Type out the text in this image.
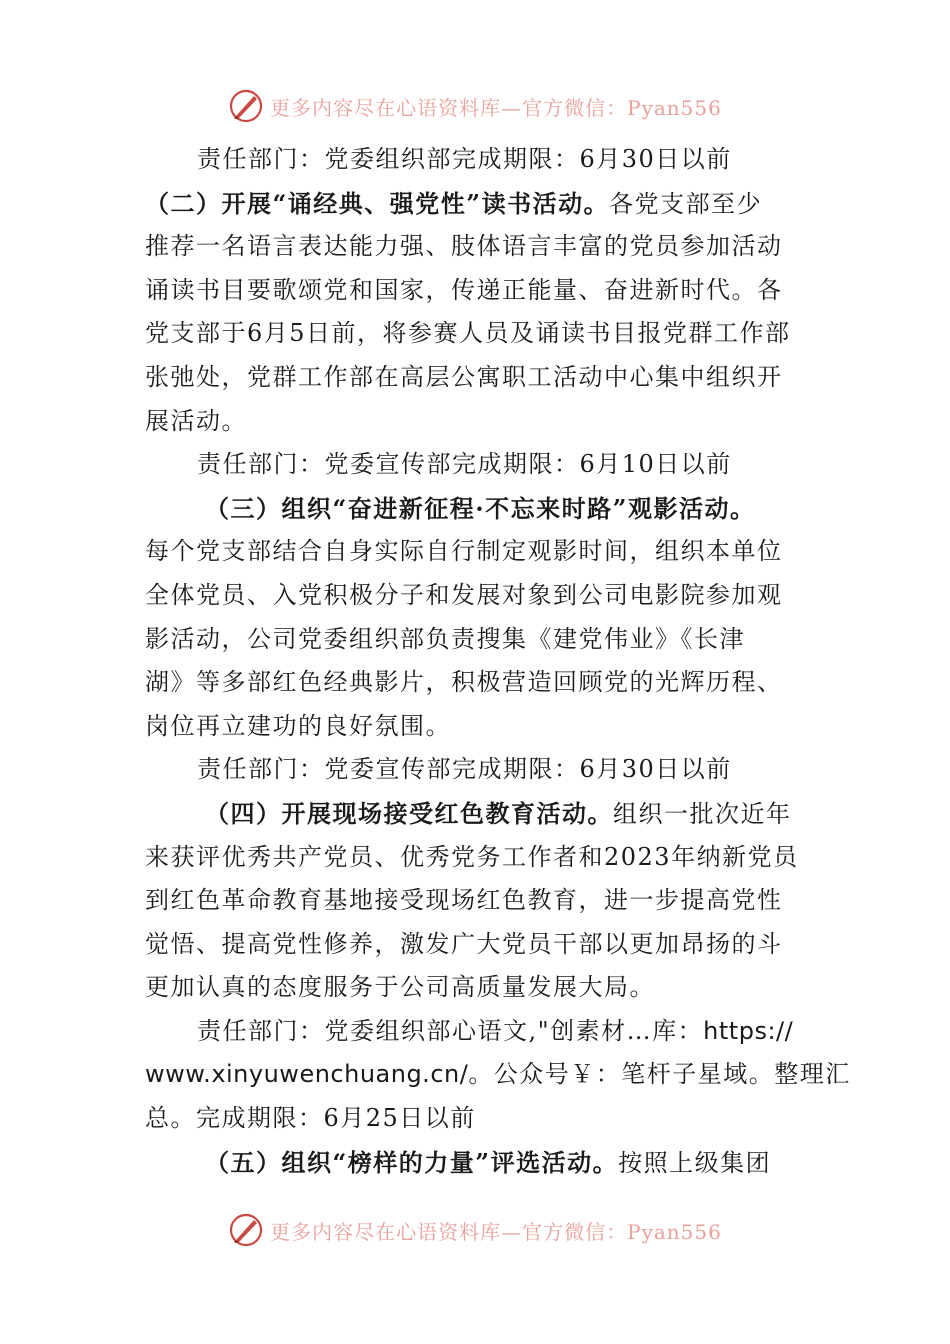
更多内容尽在心语资料库—官方微信：Pyan556
责任部门：党委组织部完成期限：6月30日以前
（二）开展“诵经典、强党性”读书活动。各党支部至少
推荐一名语言表达能力强、肢体语言丰富的党员参加活动
诵读书目要歌颂党和国家，传递正能量、奋进新时代。各
党支部于6月5日前，将参赛人员及诵读书目报党群工作部
张弛处，党群工作部在高层公寓职工活动中心集中组织开
展活动。
责任部门：党委宣传部完成期限：6月10日以前
（三）组织“奋进新征程·不忘来时路”观影活动。
每个党支部结合自身实际自行制定观影时间，组织本单位
全体党员、入党积极分子和发展对象到公司电影院参加观
影活动，公司党委组织部负责搜集《建党伟业》《长津
湖》等多部红色经典影片，积极营造回顾党的光辉历程、
岗位再立建功的良好氛围。
责任部门：党委宣传部完成期限：6月30日以前
（四）开展现场接受红色教育活动。组织一批次近年
来获评优秀共产党员、优秀党务工作者和2023年纳新党员
到红色革命教育基地接受现场红色教育，进一步提高党性
觉悟、提高党性修养，激发广大党员干部以更加昂扬的斗
更加认真的态度服务于公司高质量发展大局。
责任部门：党委组织部心语文,"创素材…库：https://
www.xinyuwenchuang.cn/。公众号￥：笔杆子星域。整理汇
总。完成期限：6月25日以前
（五）组织“榜样的力量”评选活动。按照上级集团
更多内容尽在心语资料库—官方微信：Pyan556
